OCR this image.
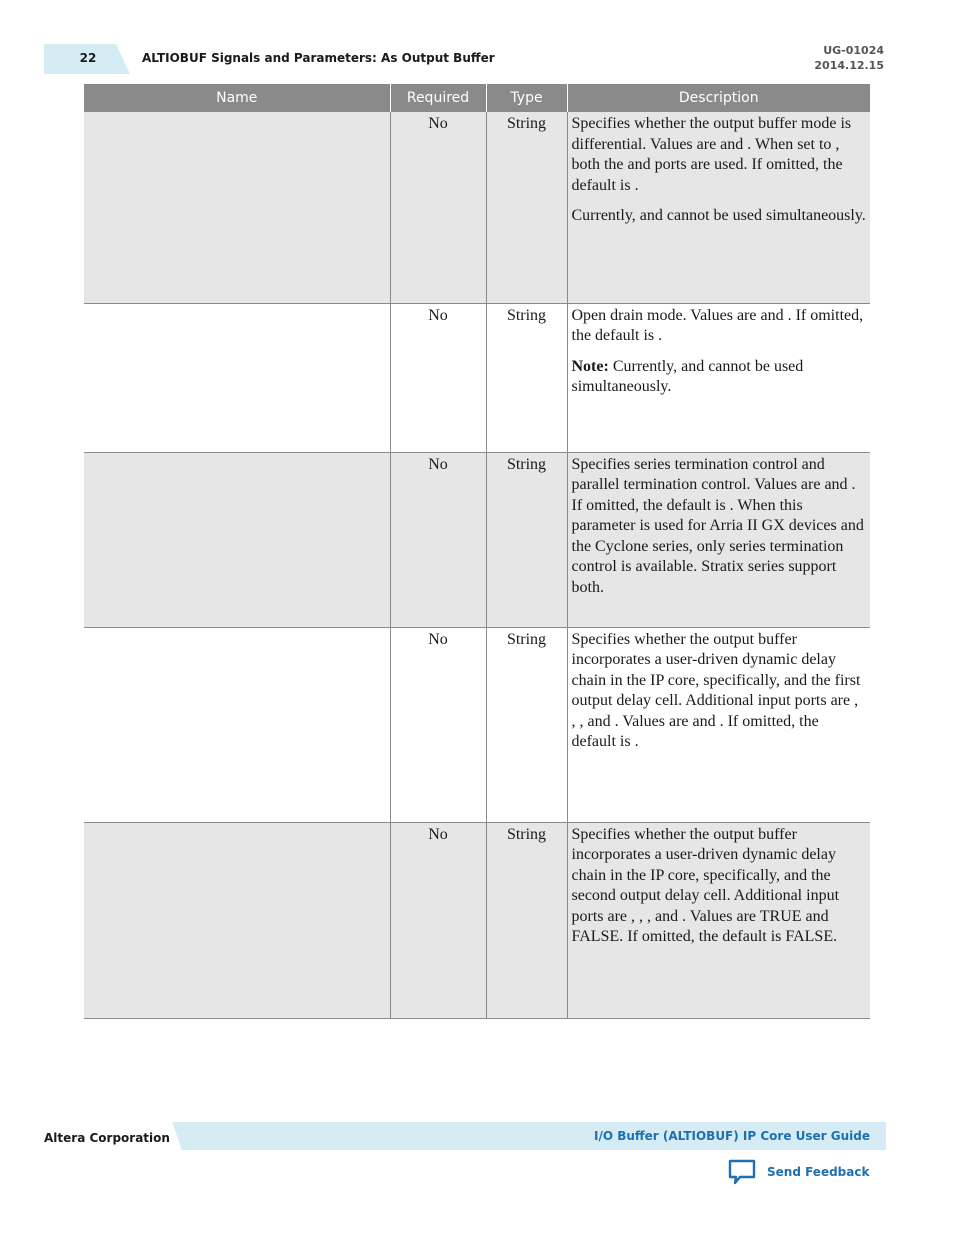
22	ALTIOBUF Signals and Parameters: As Output Buffer
UG-01024
2014.12.15
Name	Required	Type	Description
	No	String	Specifies whether the output buffer mode is differential. Values are and . When set to , both the and ports are used. If omitted, the default is .

Currently, and cannot be used simultaneously.

	No	String	Open drain mode. Values are and . If omitted, the default is .

Note: Currently, and cannot be used simultaneously.

	No	String	Specifies series termination control and parallel termination control. Values are and . If omitted, the default is . When this parameter is used for Arria II GX devices and the Cyclone series, only series termination control is available. Stratix series support both.

	No	String	Specifies whether the output buffer incorporates a user-driven dynamic delay chain in the IP core, specifically, and the first output delay cell. Additional input ports are , , , and . Values are and . If omitted, the default is .

	No	String	Specifies whether the output buffer incorporates a user-driven dynamic delay chain in the IP core, specifically, and the second output delay cell. Additional input ports are , , , and . Values are TRUE and FALSE. If omitted, the default is FALSE.

Altera Corporation	I/O Buffer (ALTIOBUF) IP Core User Guide
Send Feedback
